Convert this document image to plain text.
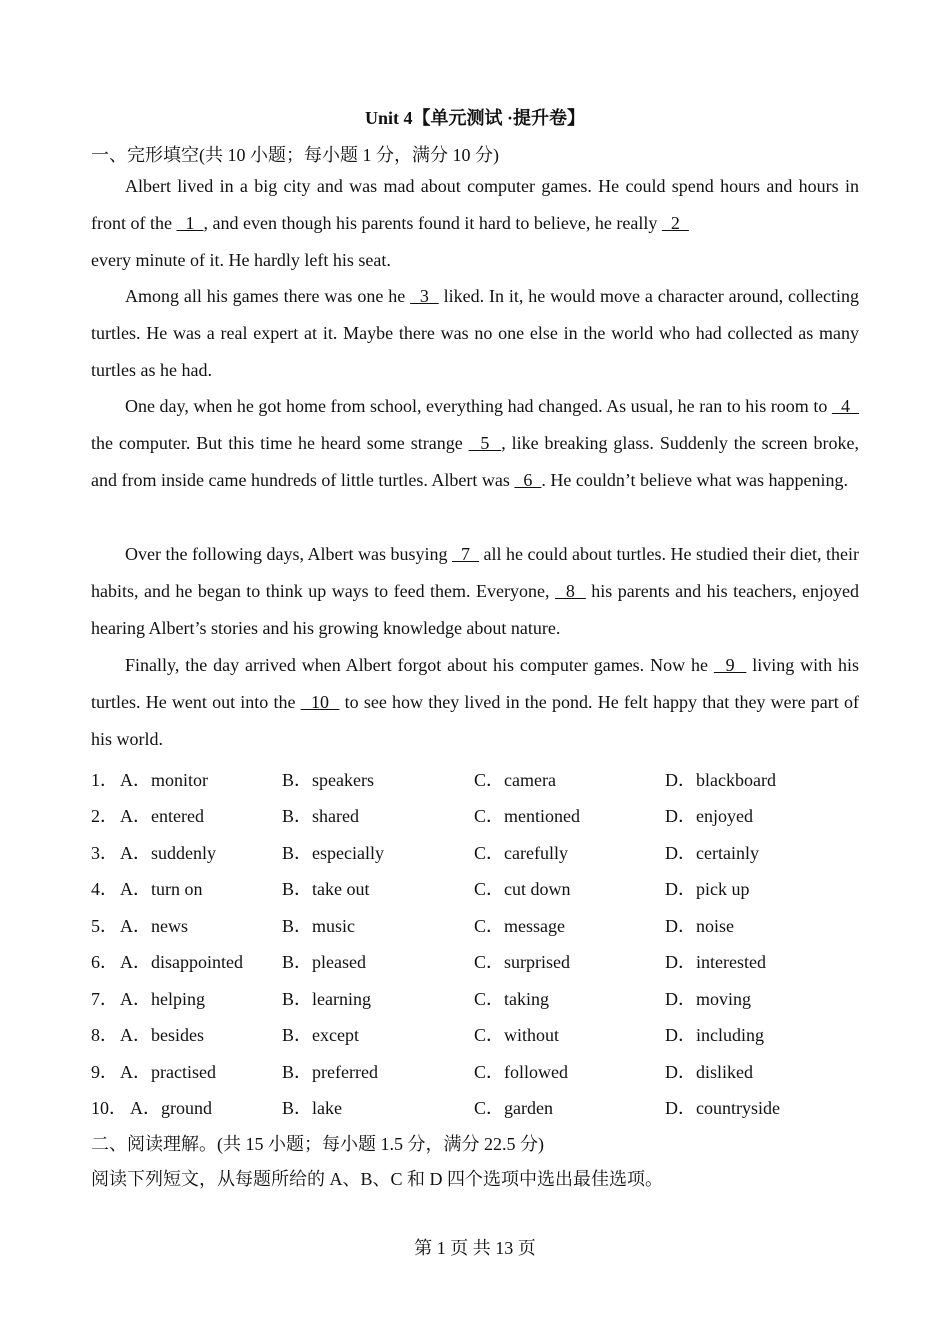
Unit 4【单元测试 ·提升卷】
一、完形填空(共 10 小题；每小题 1 分，满分 10 分)

Albert lived in a big city and was mad about computer games. He could spend hours and hours in front of the   1  , and even though his parents found it hard to believe, he really   2
every minute of it. He hardly left his seat.

Among all his games there was one he   3   liked. In it, he would move a character around, collecting turtles. He was a real expert at it. Maybe there was no one else in the world who had collected as many turtles as he had.

One day, when he got home from school, everything had changed. As usual, he ran to his room to   4   the computer. But this time he heard some strange   5  , like breaking glass. Suddenly the screen broke, and from inside came hundreds of little turtles. Albert was   6  . He couldn’t believe what was happening.

Over the following days, Albert was busying   7   all he could about turtles. He studied their diet, their habits, and he began to think up ways to feed them. Everyone,   8   his parents and his teachers, enjoyed hearing Albert’s stories and his growing knowledge about nature.

Finally, the day arrived when Albert forgot about his computer games. Now he   9   living with his turtles. He went out into the   10   to see how they lived in the pond. He felt happy that they were part of his world.

1． A．monitor	B．speakers	C．camera	D．blackboard
2． A．entered	B．shared	C．mentioned	D．enjoyed
3． A．suddenly	B．especially	C．carefully	D．certainly
4． A．turn on	B．take out	C．cut down	D．pick up
5． A．news	B．music	C．message	D．noise
6． A．disappointed B．pleased	C．surprised	D．interested
7． A．helping	B．learning	C．taking	D．moving
8． A．besides	B．except	C．without	D．including
9． A．practised	B．preferred	C．followed	D．disliked
10． A．ground	B．lake	C．garden	D．countryside
二、阅读理解。(共 15 小题；每小题 1.5 分，满分 22.5 分)
阅读下列短文，从每题所给的 A、B、C 和 D 四个选项中选出最佳选项。
第 1 页 共 13 页
